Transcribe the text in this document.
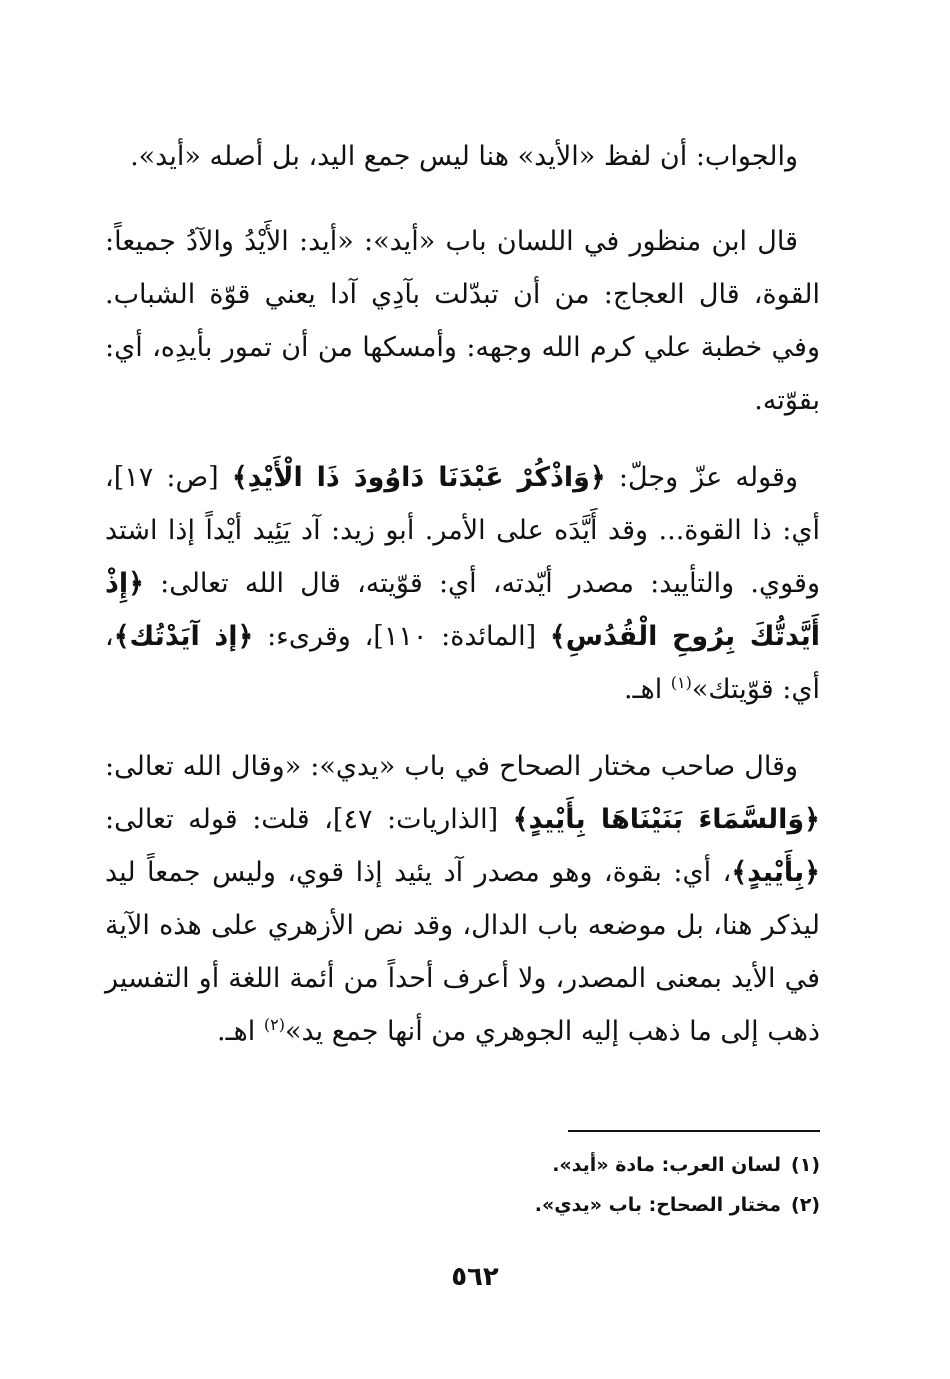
والجواب: أن لفظ «الأيد» هنا ليس جمع اليد، بل أصله «أيد».

قال ابن منظور في اللسان باب «أيد»: «أيد: الأَيْدُ والآدُ جميعاً: القوة، قال العجاج: من أن تبدّلت بآدِي آدا يعني قوّة الشباب. وفي خطبة علي كرم الله وجهه: وأمسكها من أن تمور بأيدِه، أي: بقوّته.

وقوله عزّ وجلّ: ﴿وَاذْكُرْ عَبْدَنَا دَاوُودَ ذَا الْأَيْدِ﴾ [ص: ١٧]، أي: ذا القوة... وقد أَيَّدَه على الأمر. أبو زيد: آد يَئِيد أيْداً إذا اشتد وقوي. والتأييد: مصدر أيّدته، أي: قوّيته، قال الله تعالى: ﴿إِذْ أَيَّدتُّكَ بِرُوحِ الْقُدُسِ﴾ [المائدة: ١١٠]، وقرىء: ﴿إذ آيَدْتُك﴾، أي: قوّيتك»$^{(١)}$ اهـ.

وقال صاحب مختار الصحاح في باب «يدي»: «وقال الله تعالى: ﴿وَالسَّمَاءَ بَنَيْنَاهَا بِأَيْيدٍ﴾ [الذاريات: ٤٧]، قلت: قوله تعالى: ﴿بِأَيْيدٍ﴾، أي: بقوة، وهو مصدر آد يئيد إذا قوي، وليس جمعاً ليد ليذكر هنا، بل موضعه باب الدال، وقد نص الأزهري على هذه الآية في الأيد بمعنى المصدر، ولا أعرف أحداً من أئمة اللغة أو التفسير ذهب إلى ما ذهب إليه الجوهري من أنها جمع يد»$^{(٢)}$ اهـ.

(١)لسان العرب: مادة «أيد».
(٢)مختار الصحاح: باب «يدي».
٥٦٢
